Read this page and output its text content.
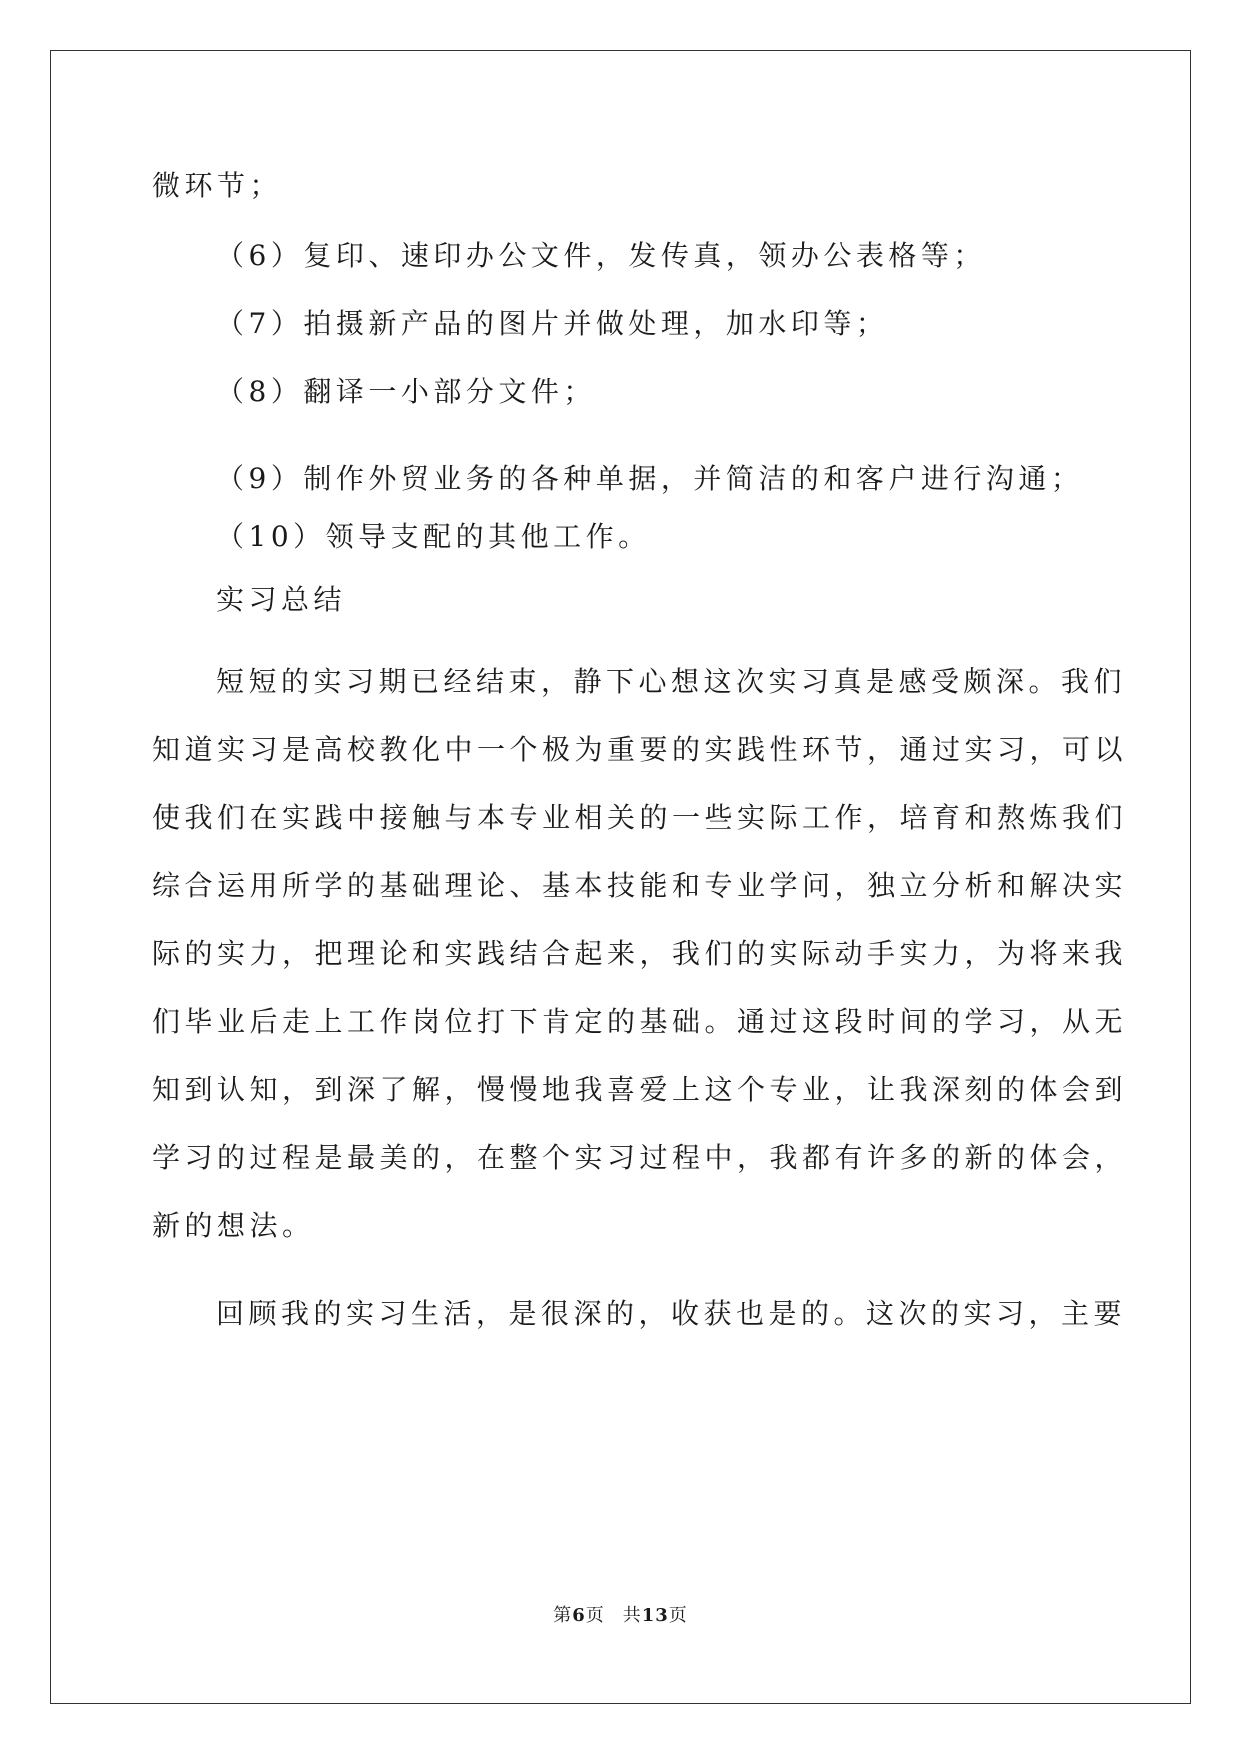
微环节；
（6）复印、速印办公文件，发传真，领办公表格等；
（7）拍摄新产品的图片并做处理，加水印等；
（8）翻译一小部分文件；
（9）制作外贸业务的各种单据，并简洁的和客户进行沟通；
（10）领导支配的其他工作。
实习总结
短短的实习期已经结束，静下心想这次实习真是感受颇深。我们
知道实习是高校教化中一个极为重要的实践性环节，通过实习，可以
使我们在实践中接触与本专业相关的一些实际工作，培育和熬炼我们
综合运用所学的基础理论、基本技能和专业学问，独立分析和解决实
际的实力，把理论和实践结合起来，我们的实际动手实力，为将来我
们毕业后走上工作岗位打下肯定的基础。通过这段时间的学习，从无
知到认知，到深了解，慢慢地我喜爱上这个专业，让我深刻的体会到
学习的过程是最美的，在整个实习过程中，我都有许多的新的体会，
新的想法。
回顾我的实习生活，是很深的，收获也是的。这次的实习，主要
第6页 共13页
